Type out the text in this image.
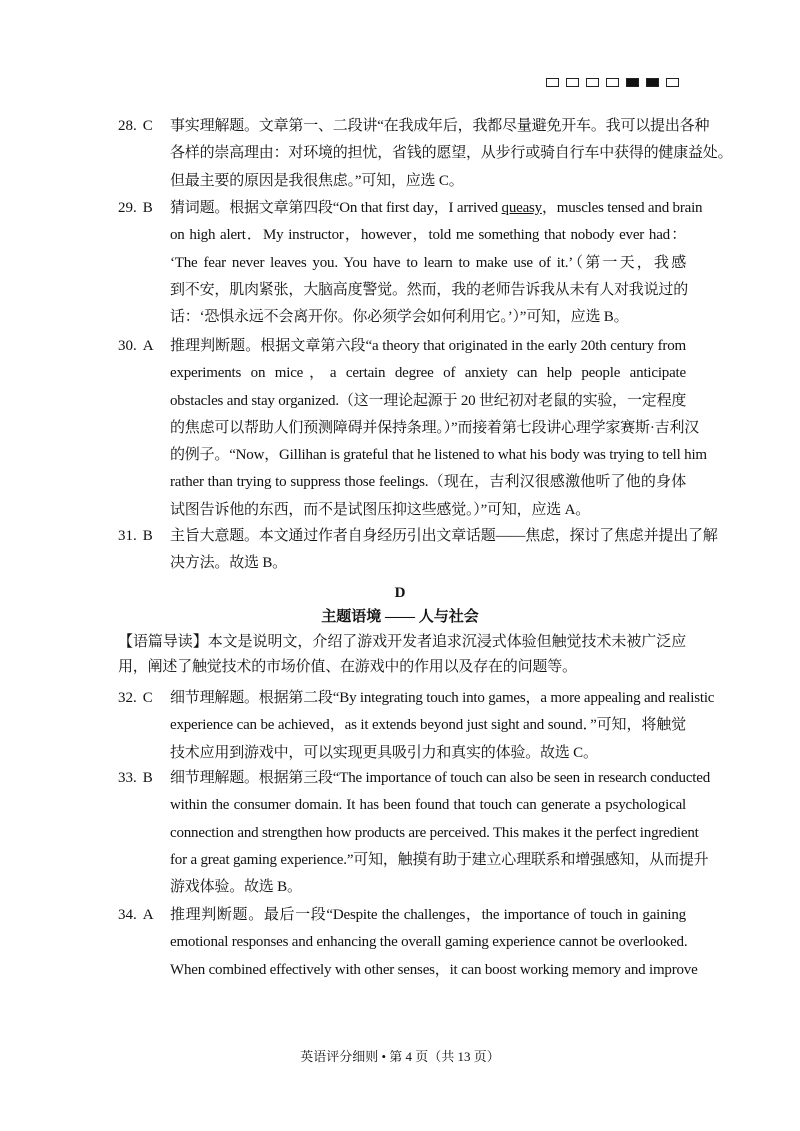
28. C 事实理解题。文章第一、二段讲“在我成年后，我都尽量避免开车。我可以提出各种
各样的崇高理由：对环境的担忧，省钱的愿望，从步行或骑自行车中获得的健康益处。
但最主要的原因是我很焦虑。”可知，应选 C。
29. B 猜词题。根据文章第四段“On that first day，I arrived queasy，muscles tensed and brain
on high alert．My instructor，however，told me something that nobody ever had：
‘The fear never leaves you. You have to learn to make use of it.’（第一天，我感
到不安，肌肉紧张，大脑高度警觉。然而，我的老师告诉我从未有人对我说过的
话：‘恐惧永远不会离开你。你必须学会如何利用它。’）”可知，应选 B。
30. A 推理判断题。根据文章第六段“a theory that originated in the early 20th century from
experiments on mice，a certain degree of anxiety can help people anticipate
obstacles and stay organized.（这一理论起源于 20 世纪初对老鼠的实验，一定程度
的焦虑可以帮助人们预测障碍并保持条理。）”而接着第七段讲心理学家赛斯·吉利汉
的例子。“Now，Gillihan is grateful that he listened to what his body was trying to tell him
rather than trying to suppress those feelings.（现在，吉利汉很感激他听了他的身体
试图告诉他的东西，而不是试图压抑这些感觉。）”可知，应选 A。
31. B 主旨大意题。本文通过作者自身经历引出文章话题——焦虑，探讨了焦虑并提出了解
决方法。故选 B。
D
主题语境 —— 人与社会
【语篇导读】本文是说明文，介绍了游戏开发者追求沉浸式体验但触觉技术未被广泛应
用，阐述了触觉技术的市场价值、在游戏中的作用以及存在的问题等。
32. C 细节理解题。根据第二段“By integrating touch into games，a more appealing and realistic
experience can be achieved，as it extends beyond just sight and sound．”可知，将触觉
技术应用到游戏中，可以实现更具吸引力和真实的体验。故选 C。
33. B 细节理解题。根据第三段“The importance of touch can also be seen in research conducted
within the consumer domain. It has been found that touch can generate a psychological
connection and strengthen how products are perceived. This makes it the perfect ingredient
for a great gaming experience.”可知，触摸有助于建立心理联系和增强感知，从而提升
游戏体验。故选 B。
34. A 推理判断题。最后一段“Despite the challenges，the importance of touch in gaining
emotional responses and enhancing the overall gaming experience cannot be overlooked.
When combined effectively with other senses，it can boost working memory and improve
英语评分细则 • 第 4 页（共 13 页）
